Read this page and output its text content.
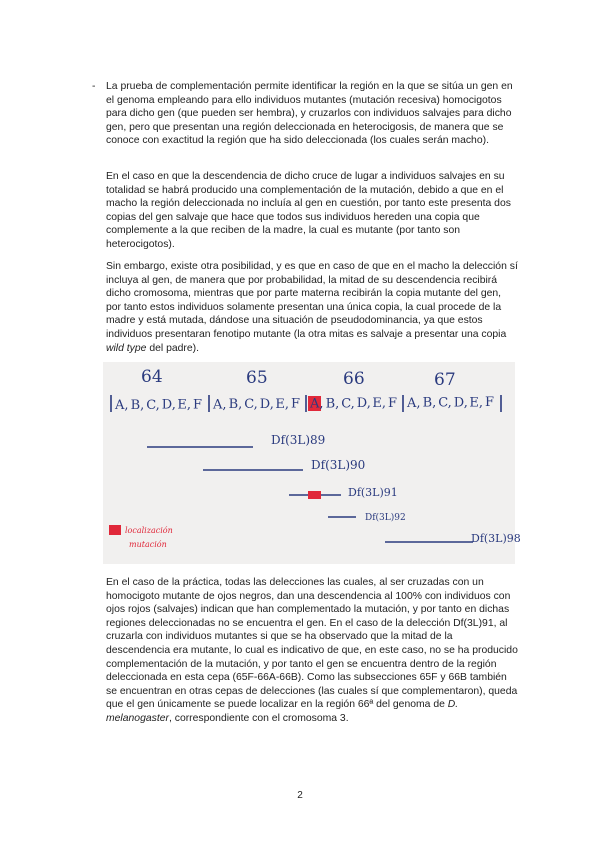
-	La prueba de complementación permite identificar la región en la que se sitúa un gen en el genoma empleando para ello individuos mutantes (mutación recesiva) homocigotos para dicho gen (que pueden ser hembra), y cruzarlos con individuos salvajes para dicho gen, pero que presentan una región deleccionada en heterocigosis, de manera que se conoce con exactitud la región que ha sido deleccionada (los cuales serán macho).

En el caso en que la descendencia de dicho cruce de lugar a individuos salvajes en su totalidad se habrá producido una complementación de la mutación, debido a que en el macho la región deleccionada no incluía al gen en cuestión, por tanto este presenta dos copias del gen salvaje que hace que todos sus individuos hereden una copia que complemente a la que reciben de la madre, la cual es mutante (por tanto son heterocigotos).

Sin embargo, existe otra posibilidad, y es que en caso de que en el macho la delección sí incluya al gen, de manera que por probabilidad, la mitad de su descendencia recibirá dicho cromosoma, mientras que por parte materna recibirán la copia mutante del gen, por tanto estos individuos solamente presentan una única copia, la cual procede de la madre y está mutada, dándose una situación de pseudodominancia, ya que estos individuos presentaran fenotipo mutante (la otra mitas es salvaje a presentar una copia wild type del padre).

64	65	66	67
A, B, C, D, E, F A, B, C, D, E, F A, B, C, D, E, F A, B, C, D, E, F
Df(3L)89
Df(3L)90
Df(3L)91
Df(3L)92
Df(3L)98
localización
mutación

En el caso de la práctica, todas las delecciones las cuales, al ser cruzadas con un homocigoto mutante de ojos negros, dan una descendencia al 100% con individuos con ojos rojos (salvajes) indican que han complementado la mutación, y por tanto en dichas regiones deleccionadas no se encuentra el gen. En el caso de la delección Df(3L)91, al cruzarla con individuos mutantes si que se ha observado que la mitad de la descendencia era mutante, lo cual es indicativo de que, en este caso, no se ha producido complementación de la mutación, y por tanto el gen se encuentra dentro de la región deleccionada en esta cepa (65F-66A-66B). Como las subsecciones 65F y 66B también se encuentran en otras cepas de delecciones (las cuales sí que complementaron), queda que el gen únicamente se puede localizar en la región 66ª del genoma de D. melanogaster, correspondiente con el cromosoma 3.

2
